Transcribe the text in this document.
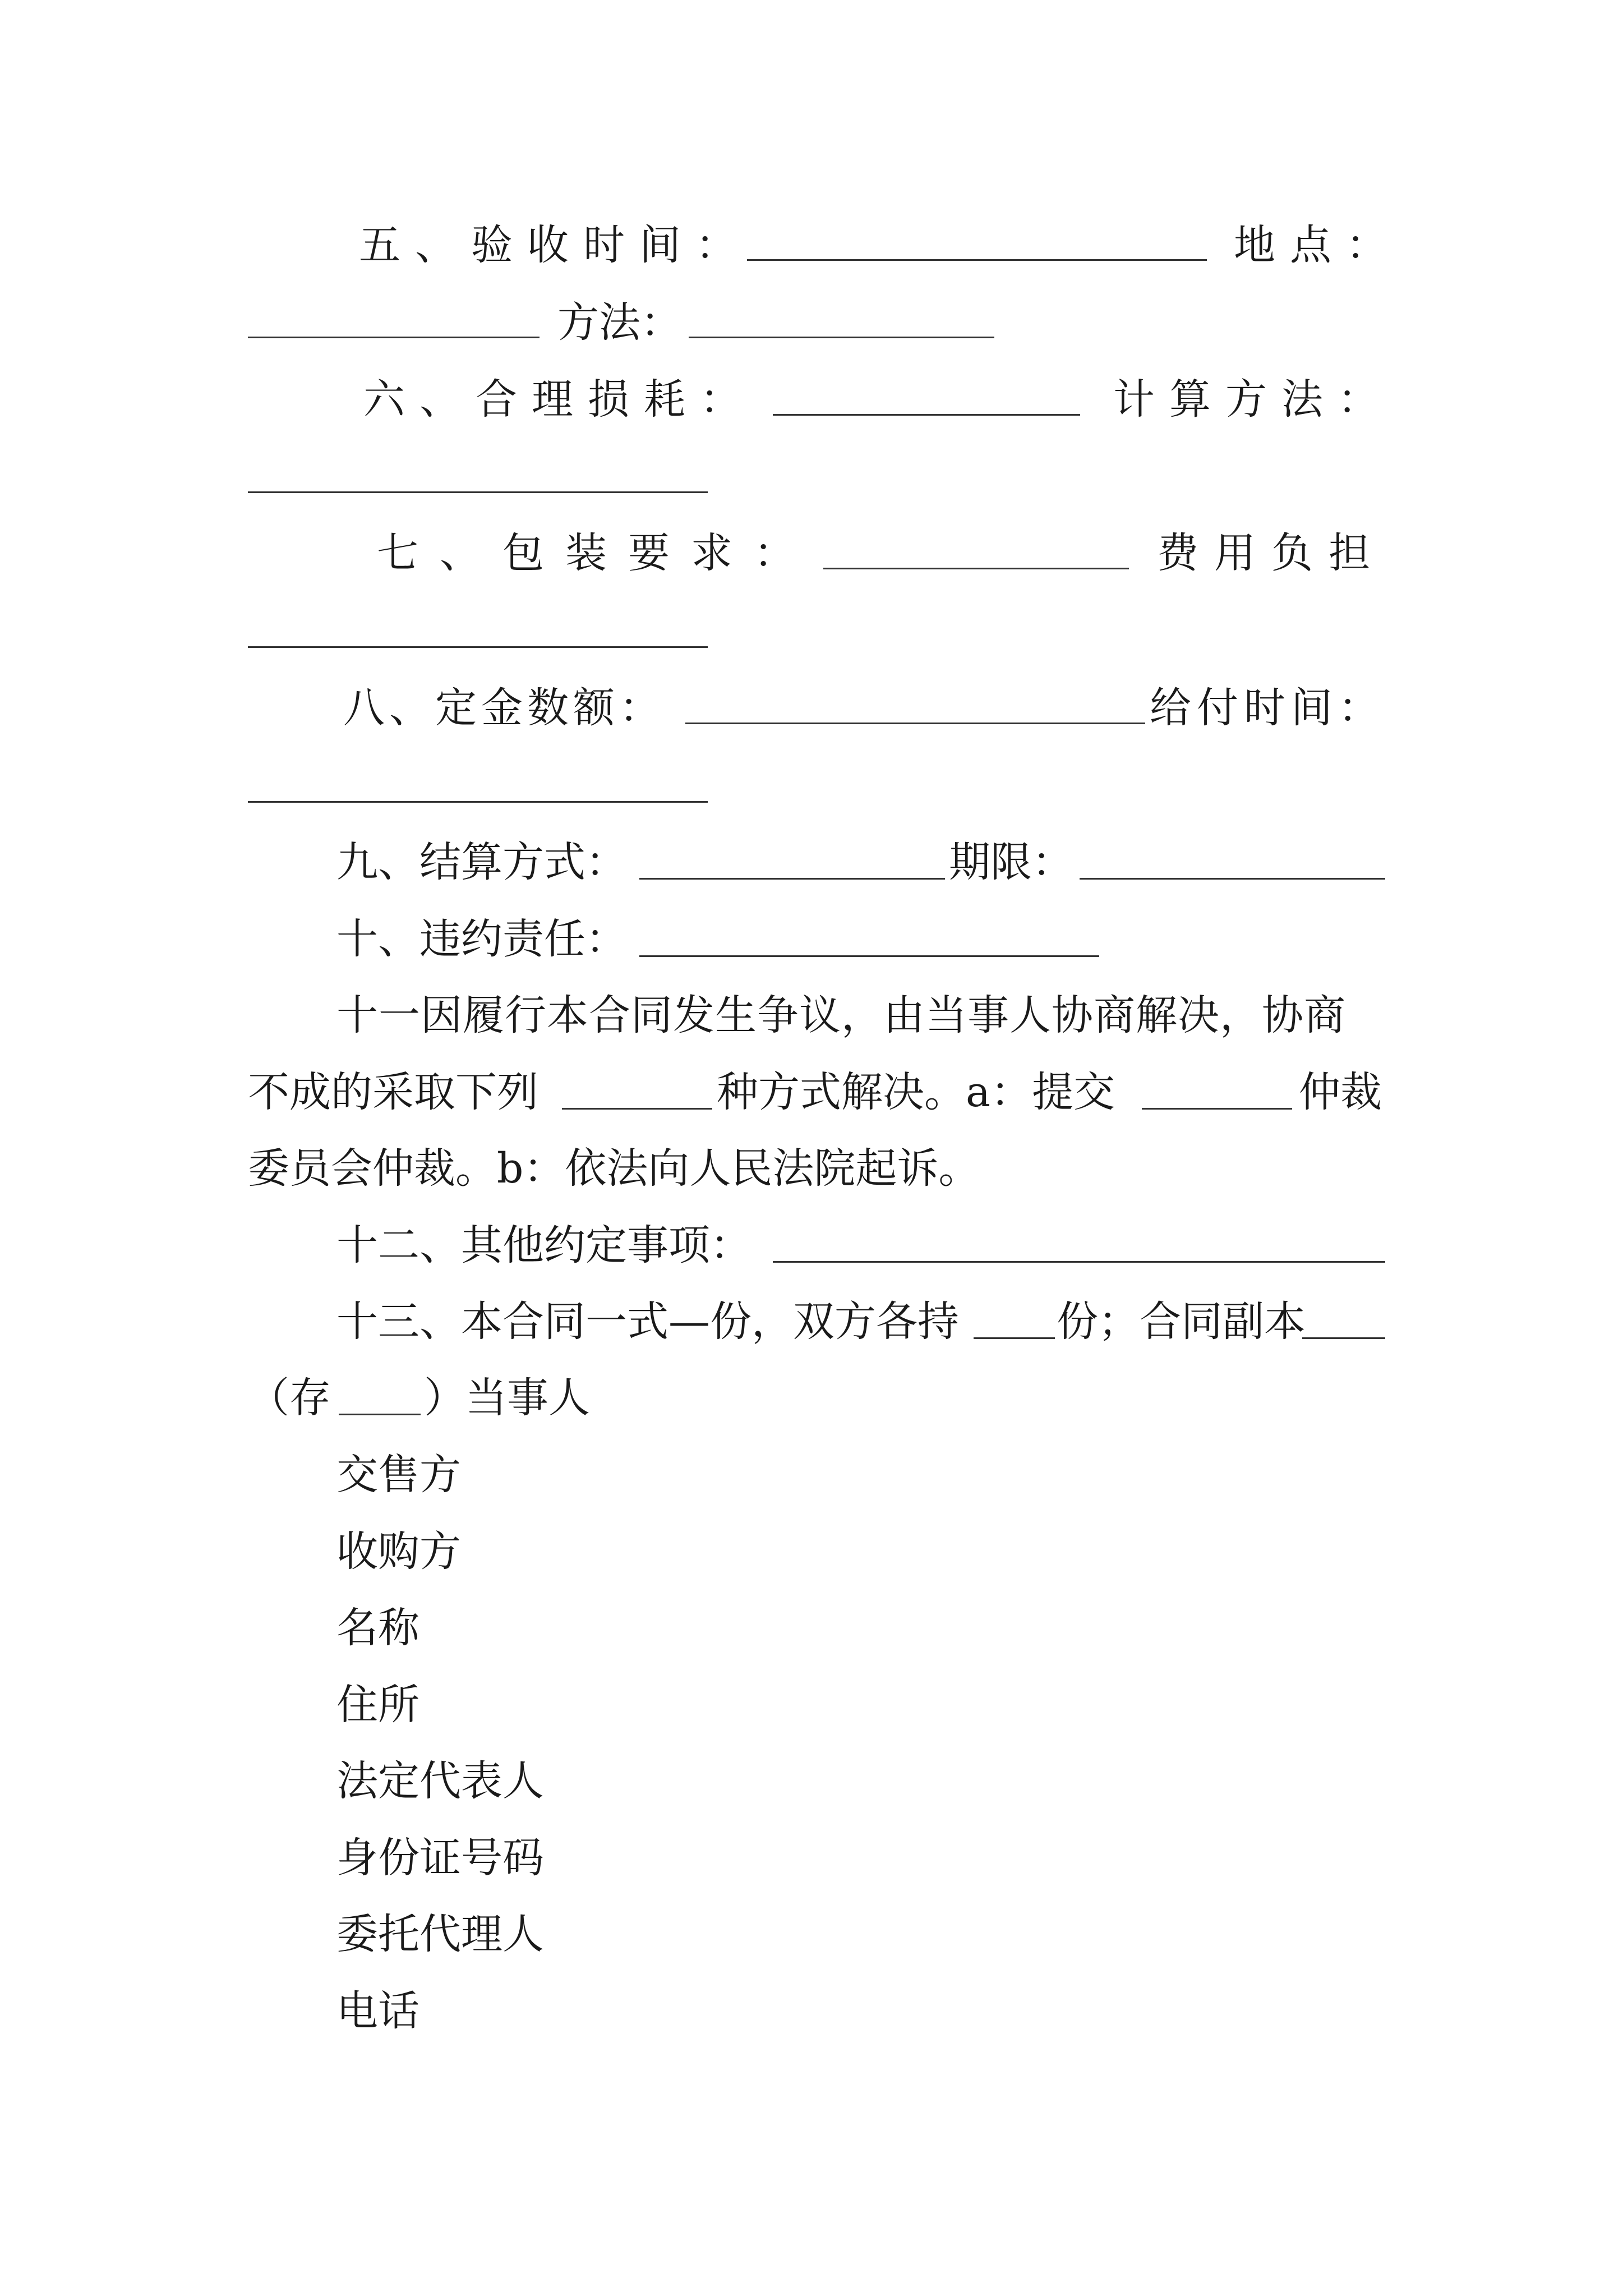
五、验收时间：	地点：
方法：
六、合理损耗：	计算方法：
七、包装要求：	费用负担
八、定金数额：	给付时间：
九、结算方式：	期限：
十、违约责任：
十一因履行本合同发生争议，由当事人协商解决，协商
不成的采取下列	种方式解决。a：提交	仲裁
委员会仲裁。b：依法向人民法院起诉。
十二、其他约定事项：
十三、本合同一式—份，双方各持 份；合同副本
（存 ）当事人
交售方
收购方
名称
住所
法定代表人
身份证号码
委托代理人
电话
